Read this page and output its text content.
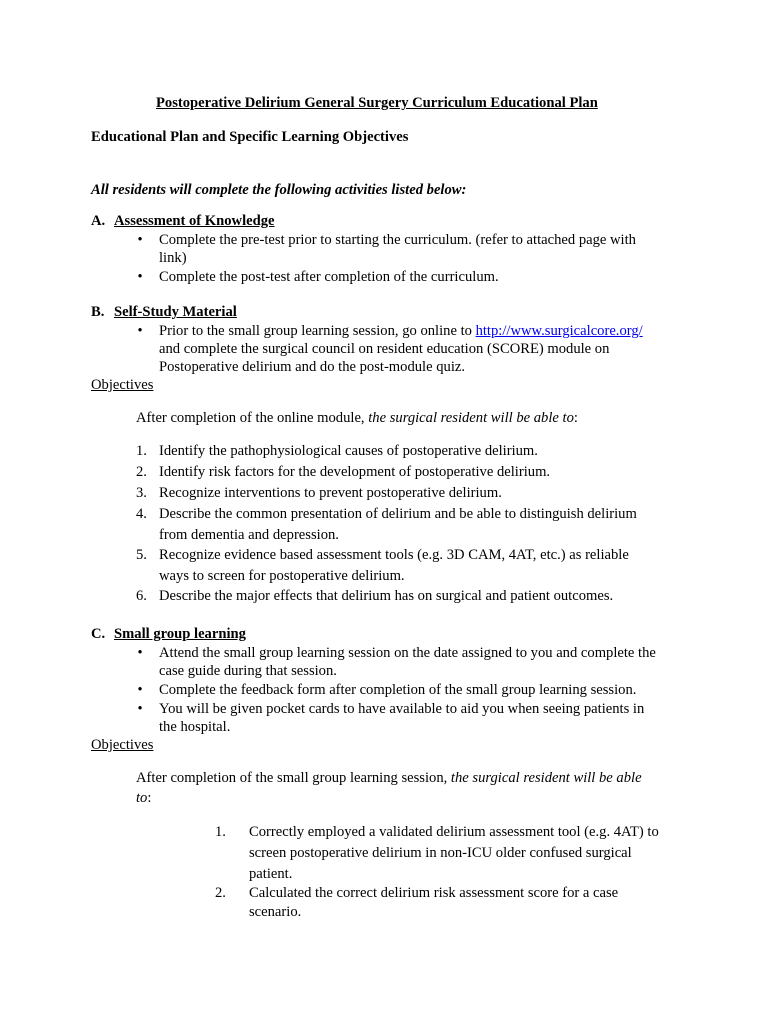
Postoperative Delirium General Surgery Curriculum Educational Plan
Educational Plan and Specific Learning Objectives
All residents will complete the following activities listed below:
A. Assessment of Knowledge
• Complete the pre-test prior to starting the curriculum. (refer to attached page with
link)
• Complete the post-test after completion of the curriculum.
B. Self-Study Material
• Prior to the small group learning session, go online to http://www.surgicalcore.org/
and complete the surgical council on resident education (SCORE) module on
Postoperative delirium and do the post-module quiz.
Objectives
After completion of the online module, the surgical resident will be able to:
1. Identify the pathophysiological causes of postoperative delirium.
2. Identify risk factors for the development of postoperative delirium.
3. Recognize interventions to prevent postoperative delirium.
4. Describe the common presentation of delirium and be able to distinguish delirium
from dementia and depression.
5. Recognize evidence based assessment tools (e.g. 3D CAM, 4AT, etc.) as reliable
ways to screen for postoperative delirium.
6. Describe the major effects that delirium has on surgical and patient outcomes.
C. Small group learning
• Attend the small group learning session on the date assigned to you and complete the
case guide during that session.
• Complete the feedback form after completion of the small group learning session.
• You will be given pocket cards to have available to aid you when seeing patients in
the hospital.
Objectives
After completion of the small group learning session, the surgical resident will be able
to:
1. Correctly employed a validated delirium assessment tool (e.g. 4AT) to
screen postoperative delirium in non-ICU older confused surgical
patient.
2. Calculated the correct delirium risk assessment score for a case
scenario.
